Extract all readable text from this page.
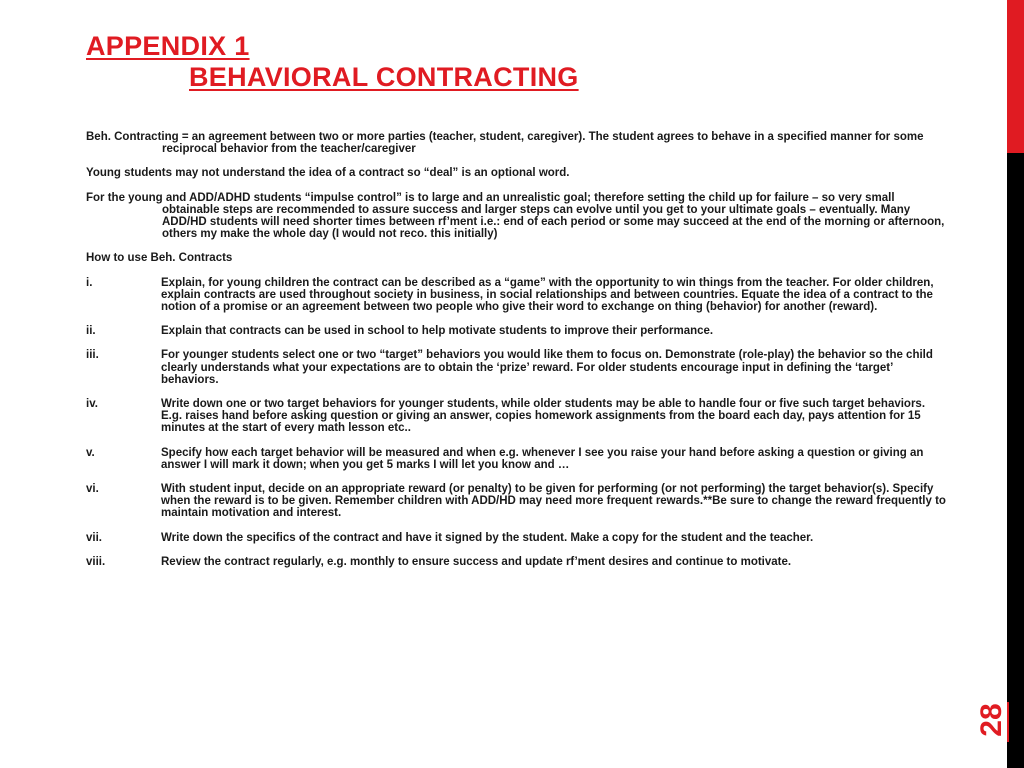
28
APPENDIX 1
BEHAVIORAL CONTRACTING

Beh. Contracting = an agreement between two or more parties (teacher, student, caregiver). The student agrees to behave in a specified manner for some reciprocal behavior from the teacher/caregiver

Young students may not understand the idea of a contract so “deal” is an optional word.

For the young and ADD/ADHD students “impulse control” is to large and an unrealistic goal; therefore setting the child up for failure – so very small obtainable steps are recommended to assure success and larger steps can evolve until you get to your ultimate goals – eventually. Many ADD/HD students will need shorter times between rf’ment i.e.: end of each period or some may succeed at the end of the morning or afternoon, others my make the whole day (I would not reco. this initially)

How to use Beh. Contracts

i.	Explain, for young children the contract can be described as a “game” with the opportunity to win things from the teacher. For older children, explain contracts are used throughout society in business, in social relationships and between countries. Equate the idea of a contract to the notion of a promise or an agreement between two people who give their word to exchange on thing (behavior) for another (reward).
ii.	Explain that contracts can be used in school to help motivate students to improve their performance.
iii.	For younger students select one or two “target” behaviors you would like them to focus on. Demonstrate (role-play) the behavior so the child clearly understands what your expectations are to obtain the ‘prize’ reward. For older students encourage input in defining the ‘target’ behaviors.
iv.	Write down one or two target behaviors for younger students, while older students may be able to handle four or five such target behaviors. E.g. raises hand before asking question or giving an answer, copies homework assignments from the board each day, pays attention for 15 minutes at the start of every math lesson etc..
v.	Specify how each target behavior will be measured and when e.g. whenever I see you raise your hand before asking a question or giving an answer I will mark it down; when you get 5 marks I will let you know and …
vi.	With student input, decide on an appropriate reward (or penalty) to be given for performing (or not performing) the target behavior(s). Specify when the reward is to be given. Remember children with ADD/HD may need more frequent rewards.**Be sure to change the reward frequently to maintain motivation and interest.
vii.	Write down the specifics of the contract and have it signed by the student. Make a copy for the student and the teacher.
viii.	Review the contract regularly, e.g. monthly to ensure success and update rf’ment desires and continue to motivate.
